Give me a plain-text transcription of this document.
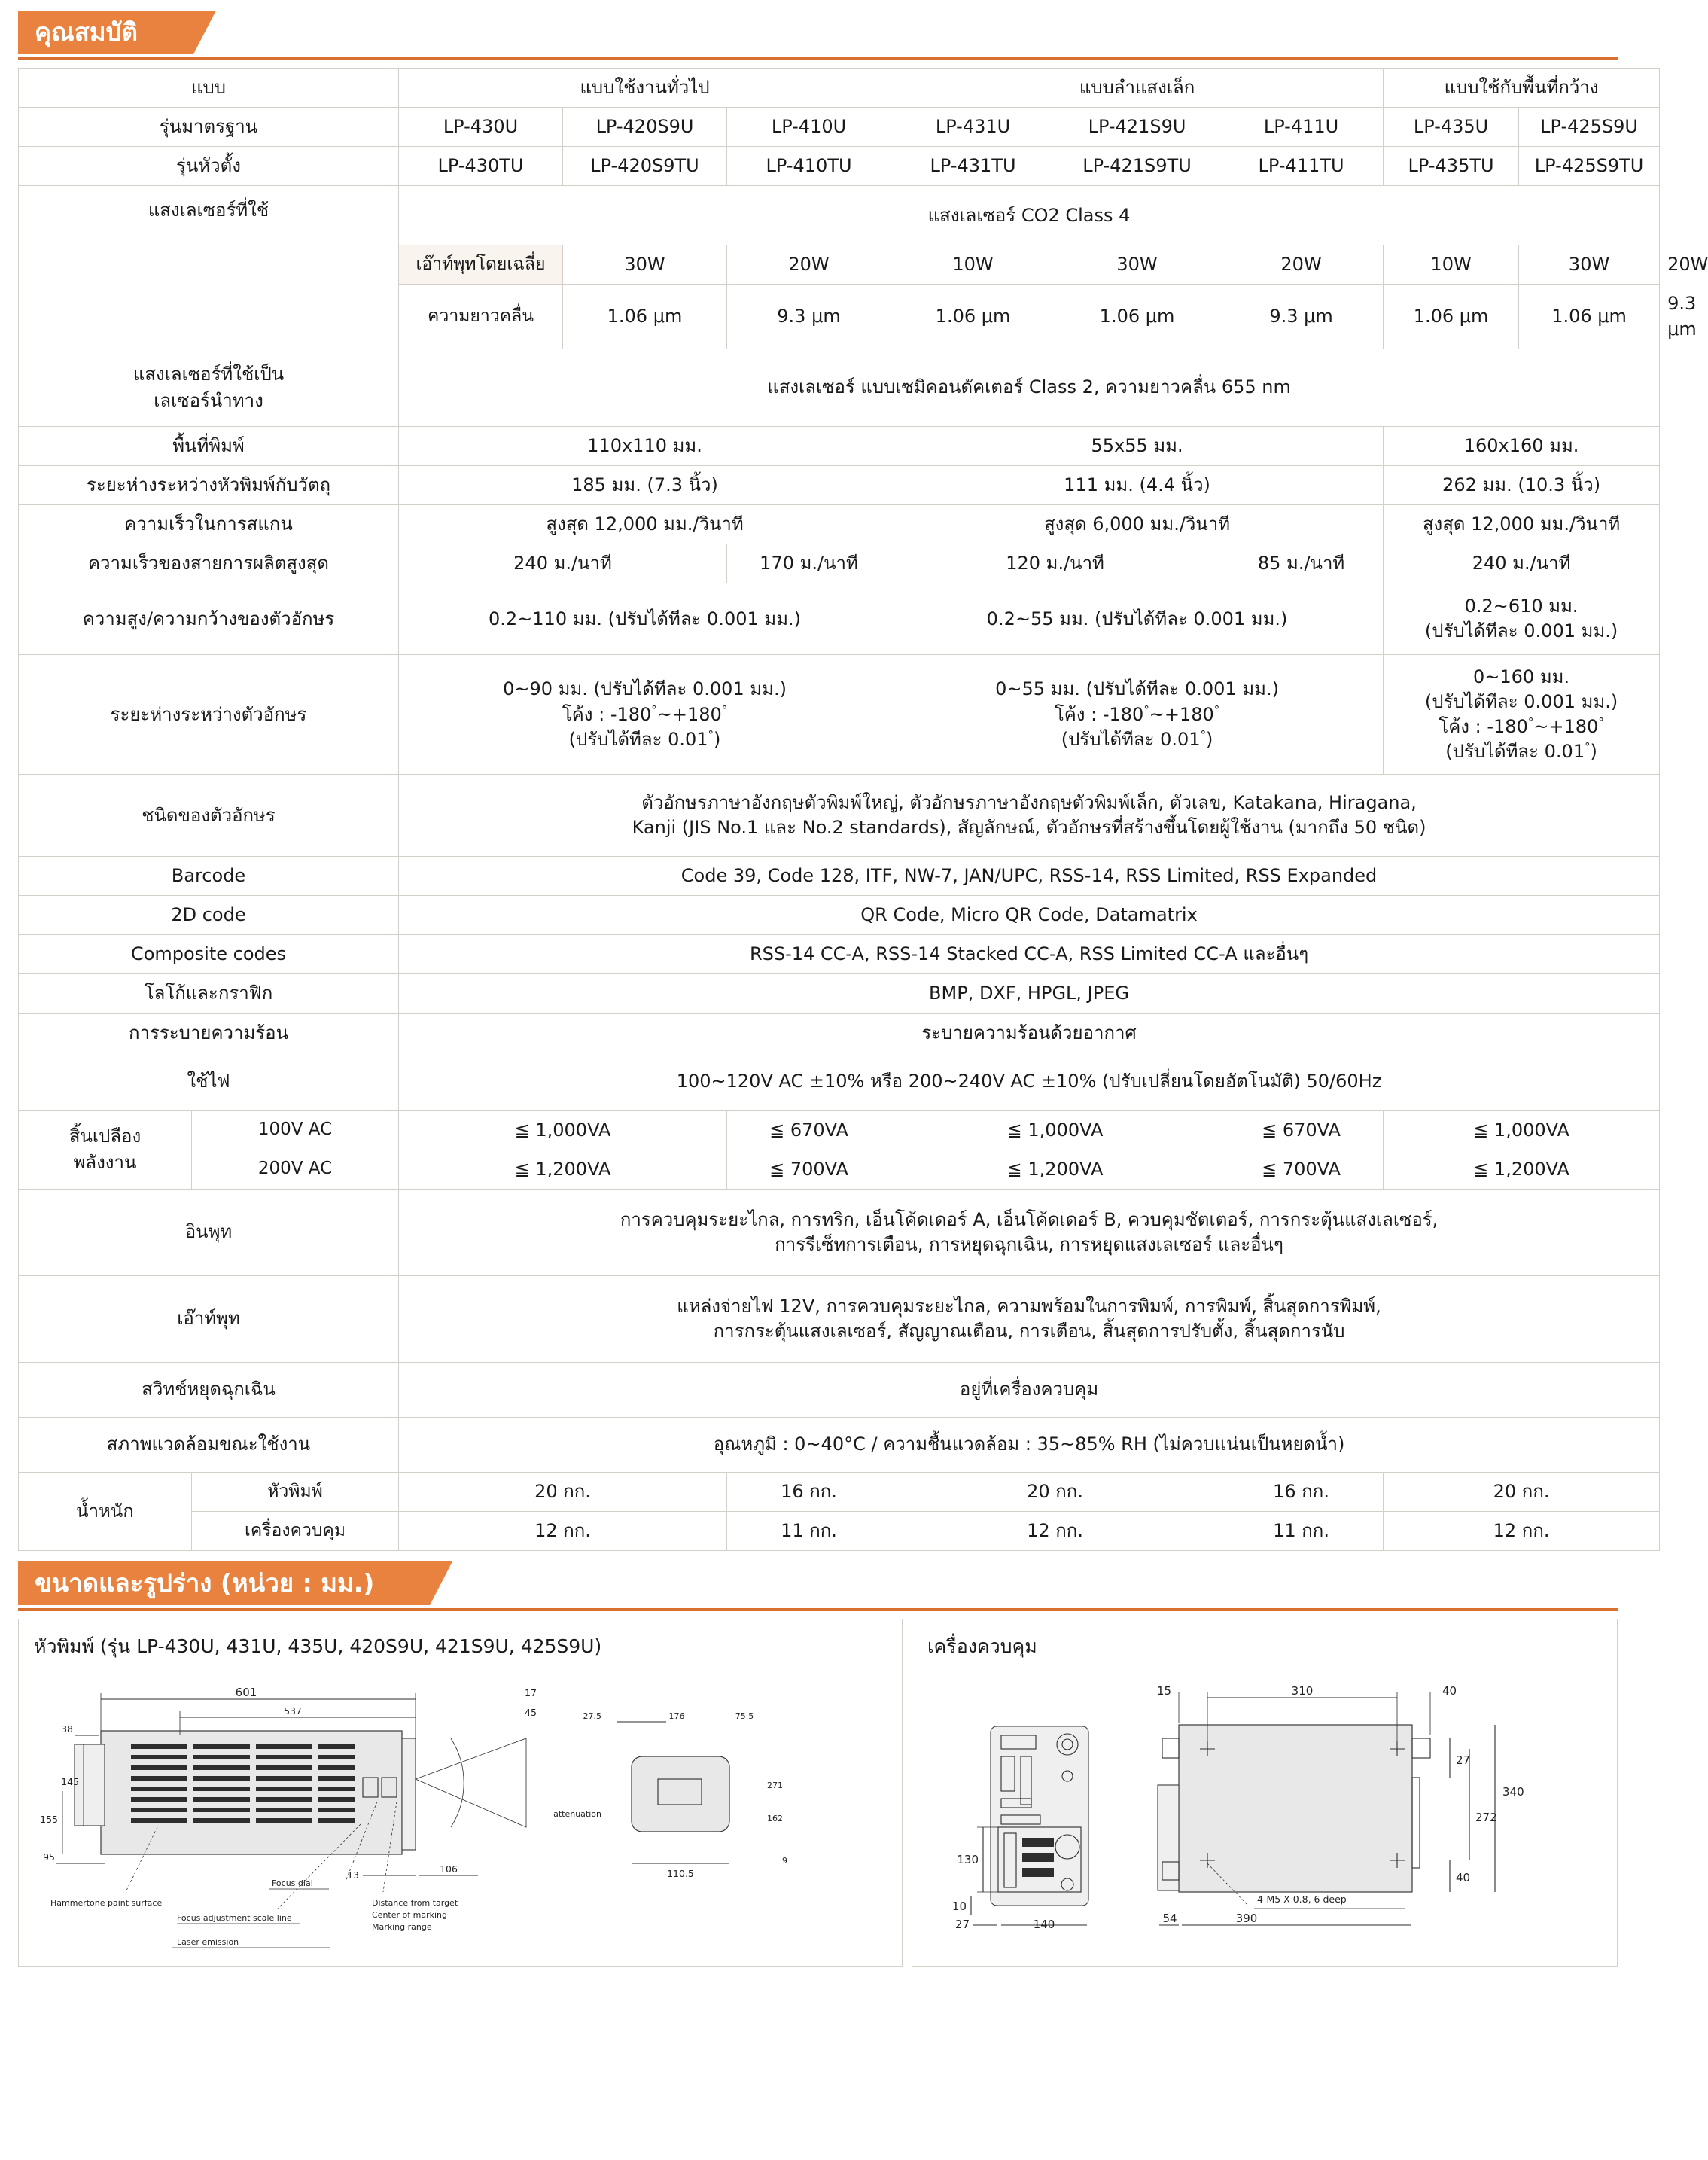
คุณสมบัติ
แบบ		แบบใช้งานทั่วไป			แบบลำแสงเล็ก			แบบใช้กับพื้นที่กว้าง		
รุ่นมาตรฐาน		LP-430U	LP-420S9U	LP-410U	LP-431U	LP-421S9U	LP-411U	LP-435U	LP-425S9U	
รุ่นหัวตั้ง		LP-430TU	LP-420S9TU	LP-410TU	LP-431TU	LP-421S9TU	LP-411TU	LP-435TU	LP-425S9TU	
แสงเลเซอร์ที่ใช้		แสงเลเซอร์ CO2 Class 4								
		เอ๊าท์พุทโดยเฉลี่ย	30W	20W	10W	30W	20W	10W	30W	20W
		ความยาวคลื่น	1.06 μm	9.3 μm	1.06 μm	1.06 μm	9.3 μm	1.06 μm	1.06 μm	9.3 μm
แสงเลเซอร์ที่ใช้เป็น
เลเซอร์นำทาง		แสงเลเซอร์ แบบเซมิคอนดัคเตอร์ Class 2, ความยาวคลื่น 655 nm								
พื้นที่พิมพ์		110x110 มม.			55x55 มม.			160x160 มม.		
ระยะห่างระหว่างหัวพิมพ์กับวัตถุ		185 มม. (7.3 นิ้ว)			111 มม. (4.4 นิ้ว)			262 มม. (10.3 นิ้ว)		
ความเร็วในการสแกน		สูงสุด 12,000 มม./วินาที			สูงสุด 6,000 มม./วินาที			สูงสุด 12,000 มม./วินาที		
ความเร็วของสายการผลิตสูงสุด		240 ม./นาที		170 ม./นาที	120 ม./นาที		85 ม./นาที	240 ม./นาที		
ความสูง/ความกว้างของตัวอักษร		0.2~110 มม. (ปรับได้ทีละ 0.001 มม.)			0.2~55 มม. (ปรับได้ทีละ 0.001 มม.)			0.2~610 มม.
(ปรับได้ทีละ 0.001 มม.)		
ระยะห่างระหว่างตัวอักษร		0~90 มม. (ปรับได้ทีละ 0.001 มม.)
โค้ง : -180°~+180°
(ปรับได้ทีละ 0.01°)			0~55 มม. (ปรับได้ทีละ 0.001 มม.)
โค้ง : -180°~+180°
(ปรับได้ทีละ 0.01°)			0~160 มม.
(ปรับได้ทีละ 0.001 มม.)
โค้ง : -180°~+180°
(ปรับได้ทีละ 0.01°)		
ชนิดของตัวอักษร		ตัวอักษรภาษาอังกฤษตัวพิมพ์ใหญ่, ตัวอักษรภาษาอังกฤษตัวพิมพ์เล็ก, ตัวเลข, Katakana, Hiragana,
Kanji (JIS No.1 และ No.2 standards), สัญลักษณ์, ตัวอักษรที่สร้างขึ้นโดยผู้ใช้งาน (มากถึง 50 ชนิด)								
Barcode		Code 39, Code 128, ITF, NW-7, JAN/UPC, RSS-14, RSS Limited, RSS Expanded								
2D code		QR Code, Micro QR Code, Datamatrix								
Composite codes		RSS-14 CC-A, RSS-14 Stacked CC-A, RSS Limited CC-A และอื่นๆ								
โลโก้และกราฟิก		BMP, DXF, HPGL, JPEG								
การระบายความร้อน		ระบายความร้อนด้วยอากาศ								
ใช้ไฟ		100~120V AC ±10% หรือ 200~240V AC ±10% (ปรับเปลี่ยนโดยอัตโนมัติ) 50/60Hz								
สิ้นเปลือง
พลังงาน	100V AC	≦ 1,000VA		≦ 670VA	≦ 1,000VA		≦ 670VA	≦ 1,000VA		
	200V AC	≦ 1,200VA		≦ 700VA	≦ 1,200VA		≦ 700VA	≦ 1,200VA		
อินพุท		การควบคุมระยะไกล, การทริก, เอ็นโค้ดเดอร์ A, เอ็นโค้ดเดอร์ B, ควบคุมชัตเตอร์, การกระตุ้นแสงเลเซอร์,
การรีเซ็ทการเตือน, การหยุดฉุกเฉิน, การหยุดแสงเลเซอร์ และอื่นๆ								
เอ๊าท์พุท		แหล่งจ่ายไฟ 12V, การควบคุมระยะไกล, ความพร้อมในการพิมพ์, การพิมพ์, สิ้นสุดการพิมพ์,
การกระตุ้นแสงเลเซอร์, สัญญาณเตือน, การเตือน, สิ้นสุดการปรับตั้ง, สิ้นสุดการนับ								
สวิทช์หยุดฉุกเฉิน		อยู่ที่เครื่องควบคุม								
สภาพแวดล้อมขณะใช้งาน		อุณหภูมิ : 0~40°C / ความชื้นแวดล้อม : 35~85% RH (ไม่ควบแน่นเป็นหยดน้ำ)								
น้ำหนัก	หัวพิมพ์	20 กก.		16 กก.	20 กก.		16 กก.	20 กก.		
	เครื่องควบคุม	12 กก.		11 กก.	12 กก.		11 กก.	12 กก.		
ขนาดและรูปร่าง (หน่วย : มม.)
หัวพิมพ์ (รุ่น LP-430U, 431U, 435U, 420S9U, 421S9U, 425S9U)
601
537
38
145
155
95
17
45
13
106
Hammertone paint surface
Focus adjustment scale line
Focus dial
Distance from target
Center of marking
Marking range
Laser emission
27.5	176	75.5
271
162
110.5
9
attenuation
เครื่องควบคุม
130
10
27	140
310
15	40
27
340
272
40
54	390
4-M5 X 0.8, 6 deep
